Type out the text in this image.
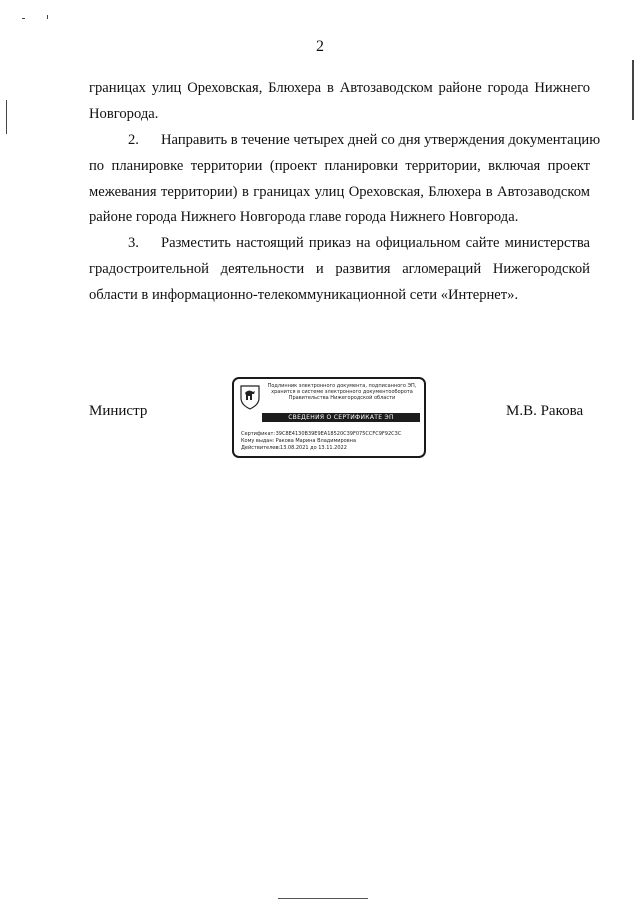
2
границах улиц Ореховская, Блюхера в Автозаводском районе города Нижнего
Новгорода.
2. Направить в течение четырех дней со дня утверждения документацию
по планировке территории (проект планировки территории, включая проект
межевания территории) в границах улиц Ореховская, Блюхера в Автозаводском
районе города Нижнего Новгорода главе города Нижнего Новгорода.
3. Разместить настоящий приказ на официальном сайте министерства
градостроительной деятельности и развития агломераций Нижегородской
области в информационно-телекоммуникационной сети «Интернет».
Министр	М.В. Ракова
Подлинник электронного документа, подписанного ЭП,
хранится в системе электронного документооборота
Правительства Нижегородской области
СВЕДЕНИЯ О СЕРТИФИКАТЕ ЭП
Сертификат: 39C8E4130B39E9EA18520C39F075CCFC9F92C3C
Кому выдан: Ракова Марина Владимировна
Действителен: с 13.08.2021 до 13.11.2022
